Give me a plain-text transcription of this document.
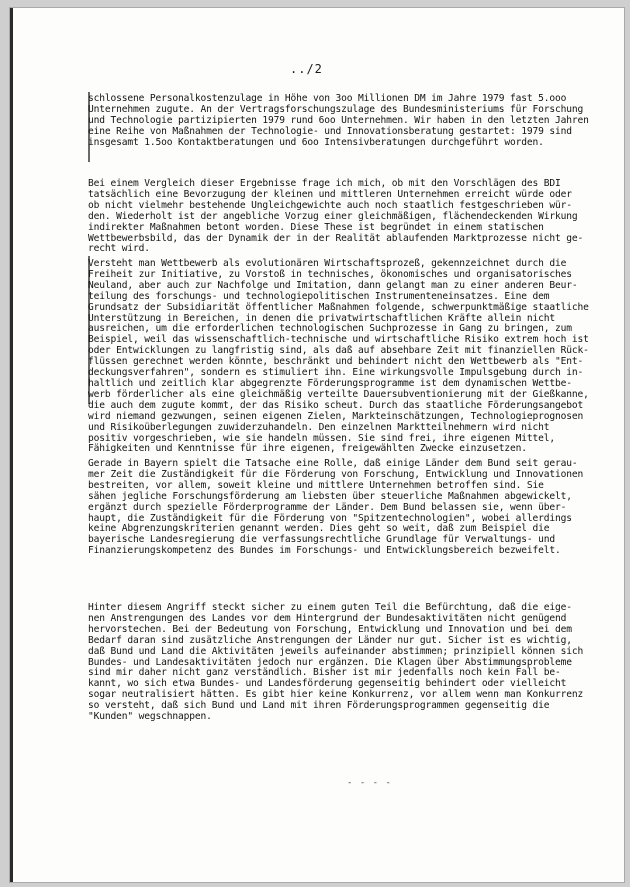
../2

schlossene Personalkostenzulage in Höhe von 3oo Millionen DM im Jahre 1979 fast 5.ooo
Unternehmen zugute. An der Vertragsforschungszulage des Bundesministeriums für Forschung
und Technologie partizipierten 1979 rund 6oo Unternehmen. Wir haben in den letzten Jahren
eine Reihe von Maßnahmen der Technologie- und Innovationsberatung gestartet: 1979 sind
insgesamt 1.5oo Kontaktberatungen und 6oo Intensivberatungen durchgeführt worden.

Bei einem Vergleich dieser Ergebnisse frage ich mich, ob mit den Vorschlägen des BDI
tatsächlich eine Bevorzugung der kleinen und mittleren Unternehmen erreicht würde oder
ob nicht vielmehr bestehende Ungleichgewichte auch noch staatlich festgeschrieben wür-
den. Wiederholt ist der angebliche Vorzug einer gleichmäßigen, flächendeckenden Wirkung
indirekter Maßnahmen betont worden. Diese These ist begründet in einem statischen
Wettbewerbsbild, das der Dynamik der in der Realität ablaufenden Marktprozesse nicht ge-
recht wird.

Versteht man Wettbewerb als evolutionären Wirtschaftsprozeß, gekennzeichnet durch die
Freiheit zur Initiative, zu Vorstoß in technisches, ökonomisches und organisatorisches
Neuland, aber auch zur Nachfolge und Imitation, dann gelangt man zu einer anderen Beur-
teilung des forschungs- und technologiepolitischen Instrumenteneinsatzes. Eine dem
Grundsatz der Subsidiarität öffentlicher Maßnahmen folgende, schwerpunktmäßige staatliche
Unterstützung in Bereichen, in denen die privatwirtschaftlichen Kräfte allein nicht
ausreichen, um die erforderlichen technologischen Suchprozesse in Gang zu bringen, zum
Beispiel, weil das wissenschaftlich-technische und wirtschaftliche Risiko extrem hoch ist
oder Entwicklungen zu langfristig sind, als daß auf absehbare Zeit mit finanziellen Rück-
flüssen gerechnet werden könnte, beschränkt und behindert nicht den Wettbewerb als "Ent-
deckungsverfahren", sondern es stimuliert ihn. Eine wirkungsvolle Impulsgebung durch in-
haltlich und zeitlich klar abgegrenzte Förderungsprogramme ist dem dynamischen Wettbe-
werb förderlicher als eine gleichmäßig verteilte Dauersubventionierung mit der Gießkanne,
die auch dem zugute kommt, der das Risiko scheut. Durch das staatliche Förderungsangebot
wird niemand gezwungen, seinen eigenen Zielen, Markteinschätzungen, Technologieprognosen
und Risikoüberlegungen zuwiderzuhandeln. Den einzelnen Marktteilnehmern wird nicht
positiv vorgeschrieben, wie sie handeln müssen. Sie sind frei, ihre eigenen Mittel,
Fähigkeiten und Kenntnisse für ihre eigenen, freigewählten Zwecke einzusetzen.

Gerade in Bayern spielt die Tatsache eine Rolle, daß einige Länder dem Bund seit gerau-
mer Zeit die Zuständigkeit für die Förderung von Forschung, Entwicklung und Innovationen
bestreiten, vor allem, soweit kleine und mittlere Unternehmen betroffen sind. Sie
sähen jegliche Forschungsförderung am liebsten über steuerliche Maßnahmen abgewickelt,
ergänzt durch spezielle Förderprogramme der Länder. Dem Bund belassen sie, wenn über-
haupt, die Zuständigkeit für die Förderung von "Spitzentechnologien", wobei allerdings
keine Abgrenzungskriterien genannt werden. Dies geht so weit, daß zum Beispiel die
bayerische Landesregierung die verfassungsrechtliche Grundlage für Verwaltungs- und
Finanzierungskompetenz des Bundes im Forschungs- und Entwicklungsbereich bezweifelt.

Hinter diesem Angriff steckt sicher zu einem guten Teil die Befürchtung, daß die eige-
nen Anstrengungen des Landes vor dem Hintergrund der Bundesaktivitäten nicht genügend
hervorstechen. Bei der Bedeutung von Forschung, Entwicklung und Innovation und bei dem
Bedarf daran sind zusätzliche Anstrengungen der Länder nur gut. Sicher ist es wichtig,
daß Bund und Land die Aktivitäten jeweils aufeinander abstimmen; prinzipiell können sich
Bundes- und Landesaktivitäten jedoch nur ergänzen. Die Klagen über Abstimmungsprobleme
sind mir daher nicht ganz verständlich. Bisher ist mir jedenfalls noch kein Fall be-
kannt, wo sich etwa Bundes- und Landesförderung gegenseitig behindert oder vielleicht
sogar neutralisiert hätten. Es gibt hier keine Konkurrenz, vor allem wenn man Konkurrenz
so versteht, daß sich Bund und Land mit ihren Förderungsprogrammen gegenseitig die
"Kunden" wegschnappen.

- - - -
